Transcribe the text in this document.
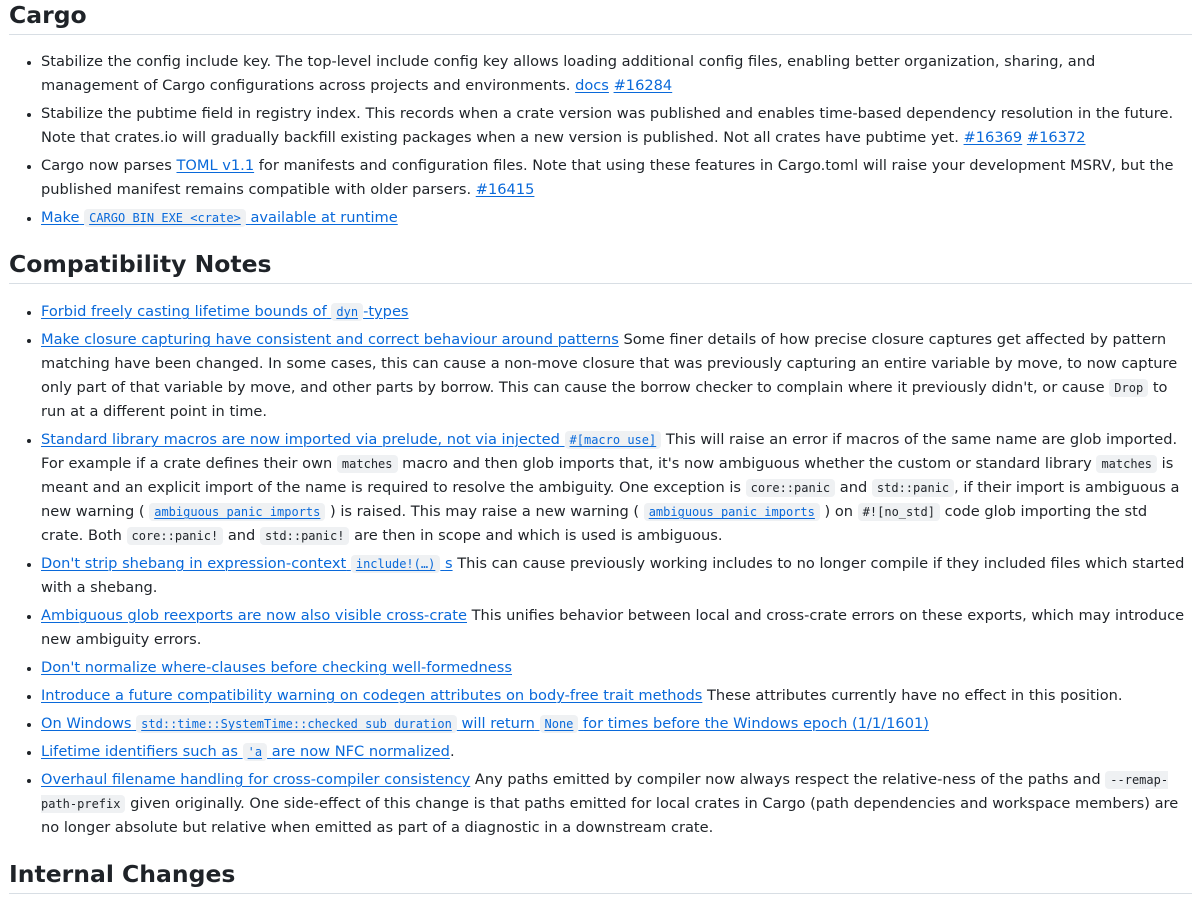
Cargo
• Stabilize the config include key. The top-level include config key allows loading additional config files, enabling better organization, sharing, and management of Cargo configurations across projects and environments. docs #16284
• Stabilize the pubtime field in registry index. This records when a crate version was published and enables time-based dependency resolution in the future. Note that crates.io will gradually backfill existing packages when a new version is published. Not all crates have pubtime yet. #16369 #16372
• Cargo now parses TOML v1.1 for manifests and configuration files. Note that using these features in Cargo.toml will raise your development MSRV, but the published manifest remains compatible with older parsers. #16415
• Make CARGO_BIN_EXE_<crate> available at runtime
Compatibility Notes
• Forbid freely casting lifetime bounds of dyn -types
• Make closure capturing have consistent and correct behaviour around patterns Some finer details of how precise closure captures get affected by pattern matching have been changed. In some cases, this can cause a non-move closure that was previously capturing an entire variable by move, to now capture only part of that variable by move, and other parts by borrow. This can cause the borrow checker to complain where it previously didn't, or cause Drop to run at a different point in time.
• Standard library macros are now imported via prelude, not via injected #[macro_use] This will raise an error if macros of the same name are glob imported. For example if a crate defines their own matches macro and then glob imports that, it's now ambiguous whether the custom or standard library matches is meant and an explicit import of the name is required to resolve the ambiguity. One exception is core::panic and std::panic , if their import is ambiguous a new warning ( ambiguous_panic_imports ) is raised. This may raise a new warning ( ambiguous_panic_imports ) on #![no_std] code glob importing the std crate. Both core::panic! and std::panic! are then in scope and which is used is ambiguous.
• Don't strip shebang in expression-context include!(…) s This can cause previously working includes to no longer compile if they included files which started with a shebang.
• Ambiguous glob reexports are now also visible cross-crate This unifies behavior between local and cross-crate errors on these exports, which may introduce new ambiguity errors.
• Don't normalize where-clauses before checking well-formedness
• Introduce a future compatibility warning on codegen attributes on body-free trait methods These attributes currently have no effect in this position.
• On Windows std::time::SystemTime::checked_sub_duration will return None for times before the Windows epoch (1/1/1601)
• Lifetime identifiers such as 'a are now NFC normalized.
• Overhaul filename handling for cross-compiler consistency Any paths emitted by compiler now always respect the relative-ness of the paths and --remap-path-prefix given originally. One side-effect of this change is that paths emitted for local crates in Cargo (path dependencies and workspace members) are no longer absolute but relative when emitted as part of a diagnostic in a downstream crate.
Internal Changes
